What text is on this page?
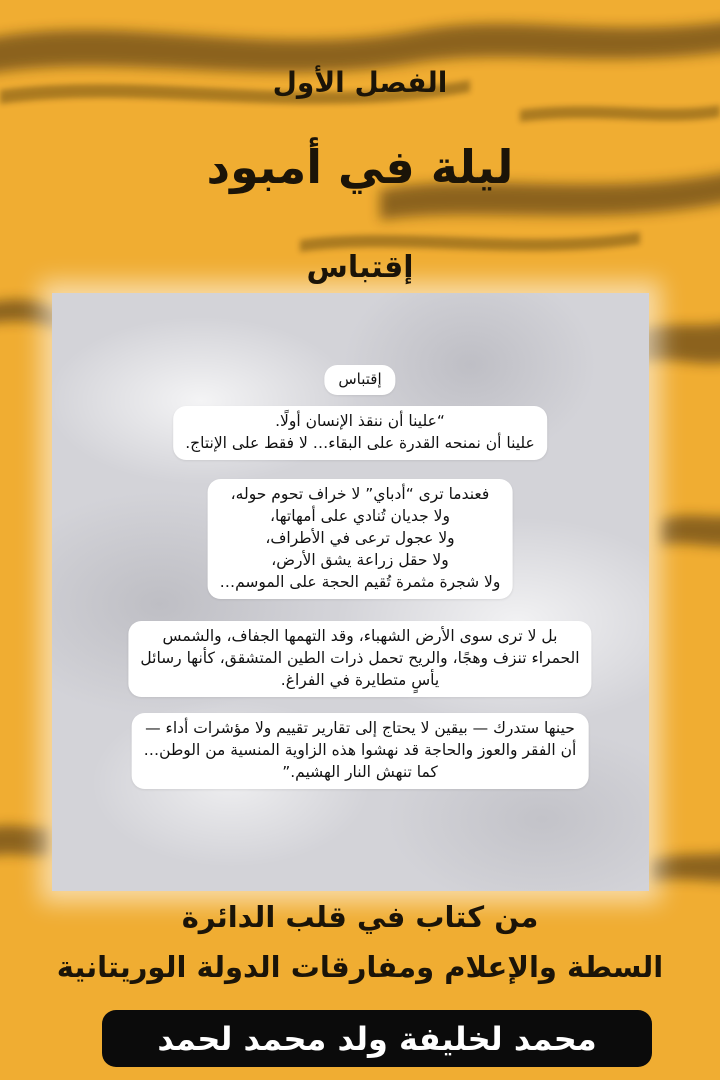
الفصل الأول
ليلة في أمبود
إقتباس
إقتباس
“علينا أن ننقذ الإنسان أولًا.
علينا أن نمنحه القدرة على البقاء… لا فقط على الإنتاج.
فعندما ترى “أدباي” لا خراف تحوم حوله،
ولا جديان تُنادي على أمهاتها،
ولا عجول ترعى في الأطراف،
ولا حقل زراعة يشق الأرض،
ولا شجرة مثمرة تُقيم الحجة على الموسم…
بل لا ترى سوى الأرض الشهباء، وقد التهمها الجفاف، والشمس
الحمراء تنزف وهجًا، والريح تحمل ذرات الطين المتشقق، كأنها رسائل
يأسٍ متطايرة في الفراغ.
حينها ستدرك — بيقين لا يحتاج إلى تقارير تقييم ولا مؤشرات أداء —
أن الفقر والعوز والحاجة قد نهشوا هذه الزاوية المنسية من الوطن…
كما تنهش النار الهشيم.”

من كتاب في قلب الدائرة

السطة والإعلام ومفارقات الدولة الوريتانية

محمد لخليفة ولد محمد لحمد
